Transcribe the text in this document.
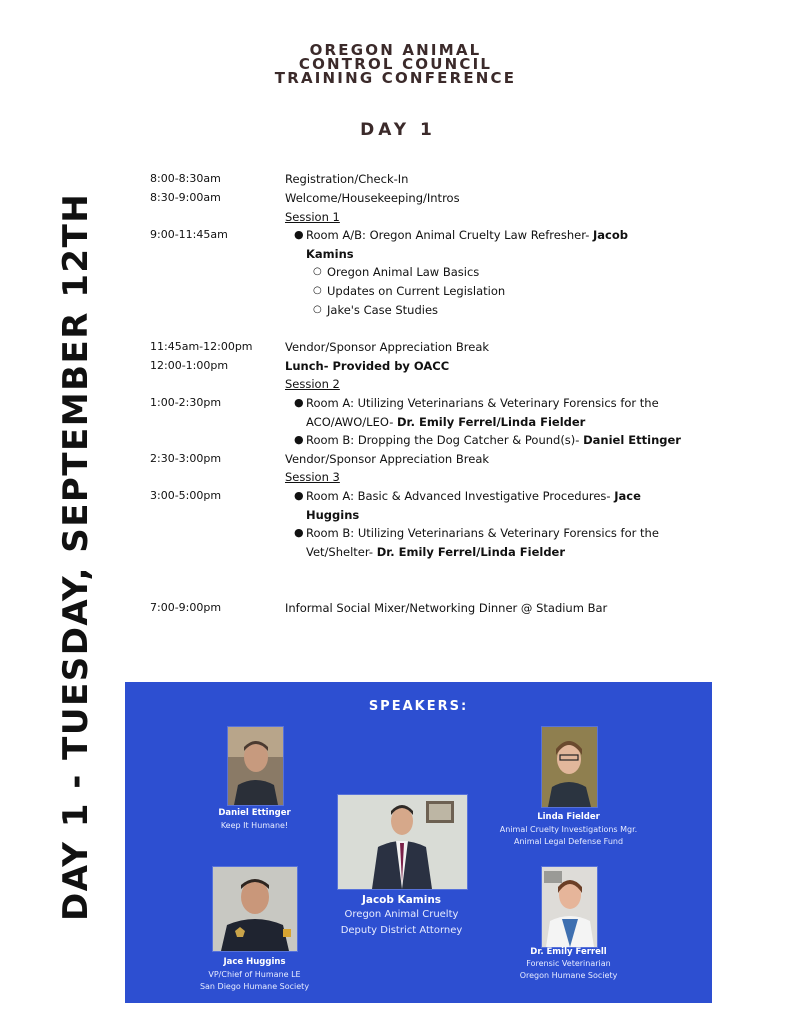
DAY 1 - TUESDAY, SEPTEMBER 12TH
OREGON ANIMAL
CONTROL COUNCIL
TRAINING CONFERENCE
DAY 1
8:00-8:30am	Registration/Check-In
8:30-9:00am	Welcome/Housekeeping/Intros
Session 1
9:00-11:45am	● Room A/B: Oregon Animal Cruelty Law Refresher- Jacob
Kamins
○ Oregon Animal Law Basics
○ Updates on Current Legislation
○ Jake's Case Studies
11:45am-12:00pm	Vendor/Sponsor Appreciation Break
12:00-1:00pm	Lunch- Provided by OACC
Session 2
1:00-2:30pm	● Room A: Utilizing Veterinarians & Veterinary Forensics for the
ACO/AWO/LEO- Dr. Emily Ferrel/Linda Fielder
● Room B: Dropping the Dog Catcher & Pound(s)- Daniel Ettinger
2:30-3:00pm	Vendor/Sponsor Appreciation Break
Session 3
3:00-5:00pm	● Room A: Basic & Advanced Investigative Procedures- Jace
Huggins
● Room B: Utilizing Veterinarians & Veterinary Forensics for the
Vet/Shelter- Dr. Emily Ferrel/Linda Fielder
7:00-9:00pm	Informal Social Mixer/Networking Dinner @ Stadium Bar
SPEAKERS:
Daniel Ettinger
Keep It Humane!
Linda Fielder
Animal Cruelty Investigations Mgr.
Animal Legal Defense Fund
Jacob Kamins
Oregon Animal Cruelty
Deputy District Attorney
Jace Huggins
VP/Chief of Humane LE
San Diego Humane Society
Dr. Emily Ferrell
Forensic Veterinarian
Oregon Humane Society
